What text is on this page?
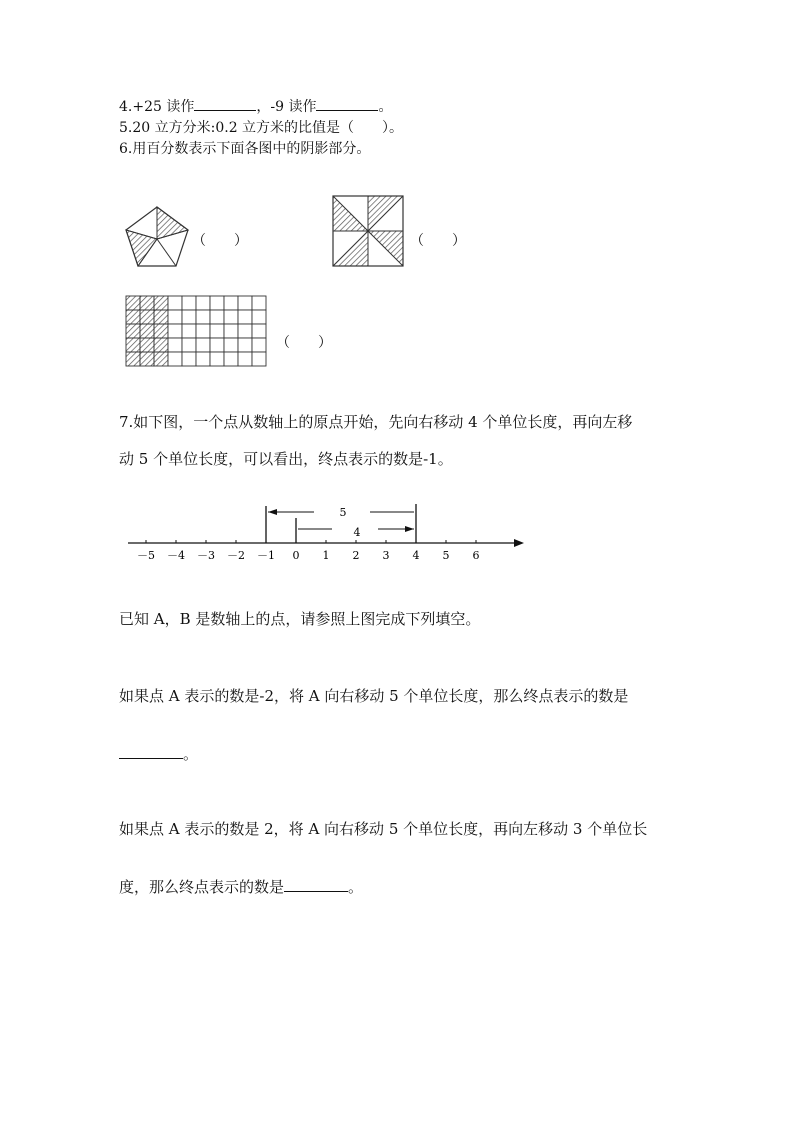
4.+25 读作	，-9 读作	。
5.20 立方分米:0.2 立方米的比值是（　　）。
6.用百分数表示下面各图中的阴影部分。
（　　）	（　　）
（　　）
7.如下图，一个点从数轴上的原点开始，先向右移动 4 个单位长度，再向左移
动 5 个单位长度，可以看出，终点表示的数是-1。
5
4
－5 －4 －3 －2 －1 0 1 2 3 4 5 6
已知 A，B 是数轴上的点，请参照上图完成下列填空。
如果点 A 表示的数是-2，将 A 向右移动 5 个单位长度，那么终点表示的数是
。
如果点 A 表示的数是 2，将 A 向右移动 5 个单位长度，再向左移动 3 个单位长
度，那么终点表示的数是	。
